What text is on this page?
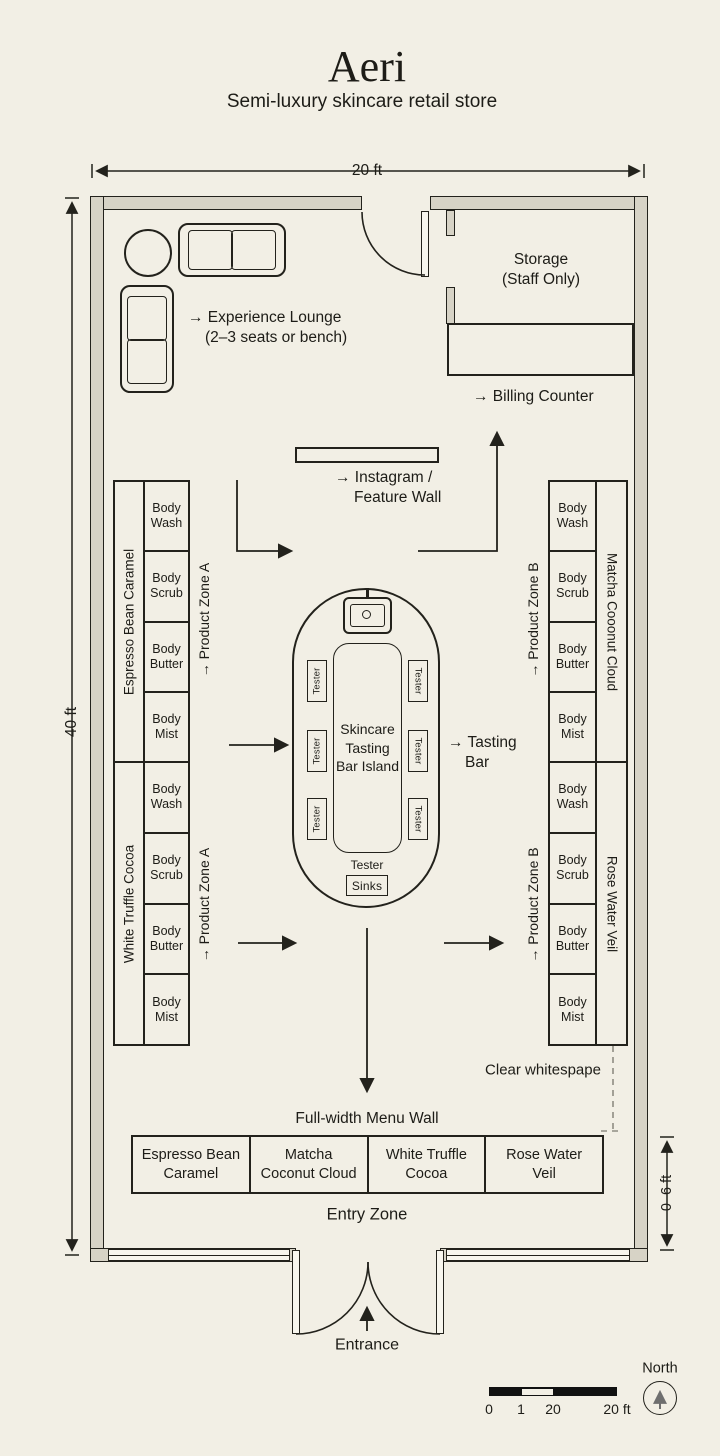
Aeri
Semi-luxury skincare retail store
Storage
(Staff Only)
→ Billing Counter
→ Experience Lounge
(2–3 seats or bench)
→ Instagram /
Feature Wall
Espresso Bean Caramel
Body Wash
Body Scrub
Body Butter
Body Mist
White Truffle Cocoa
Body Wash
Body Scrub
Body Butter
Body Mist
Body Wash
Body Scrub
Body Butter
Body Mist
Matcha Cooonut Cloud
Body Wash
Body Scrub
Body Butter
Body Mist
Rose Water Veil
→ Product Zone A
→ Product Zone A
→ Product Zone B
→ Product Zone B
Skincare
Tasting
Bar Island
Tester
Tester
Tester
Tester
Tester
Tester
Tester
Sinks
→ Tasting
Bar
Clear whitespape
Full-width Menu Wall
Espresso Bean
Caramel
Matcha
Coconut Cloud
White Truffle
Cocoa
Rose Water
Veil
Entry Zone
Entrance
20 ft
40 ft
0–6 ft
0 1 20	20 ft
North
